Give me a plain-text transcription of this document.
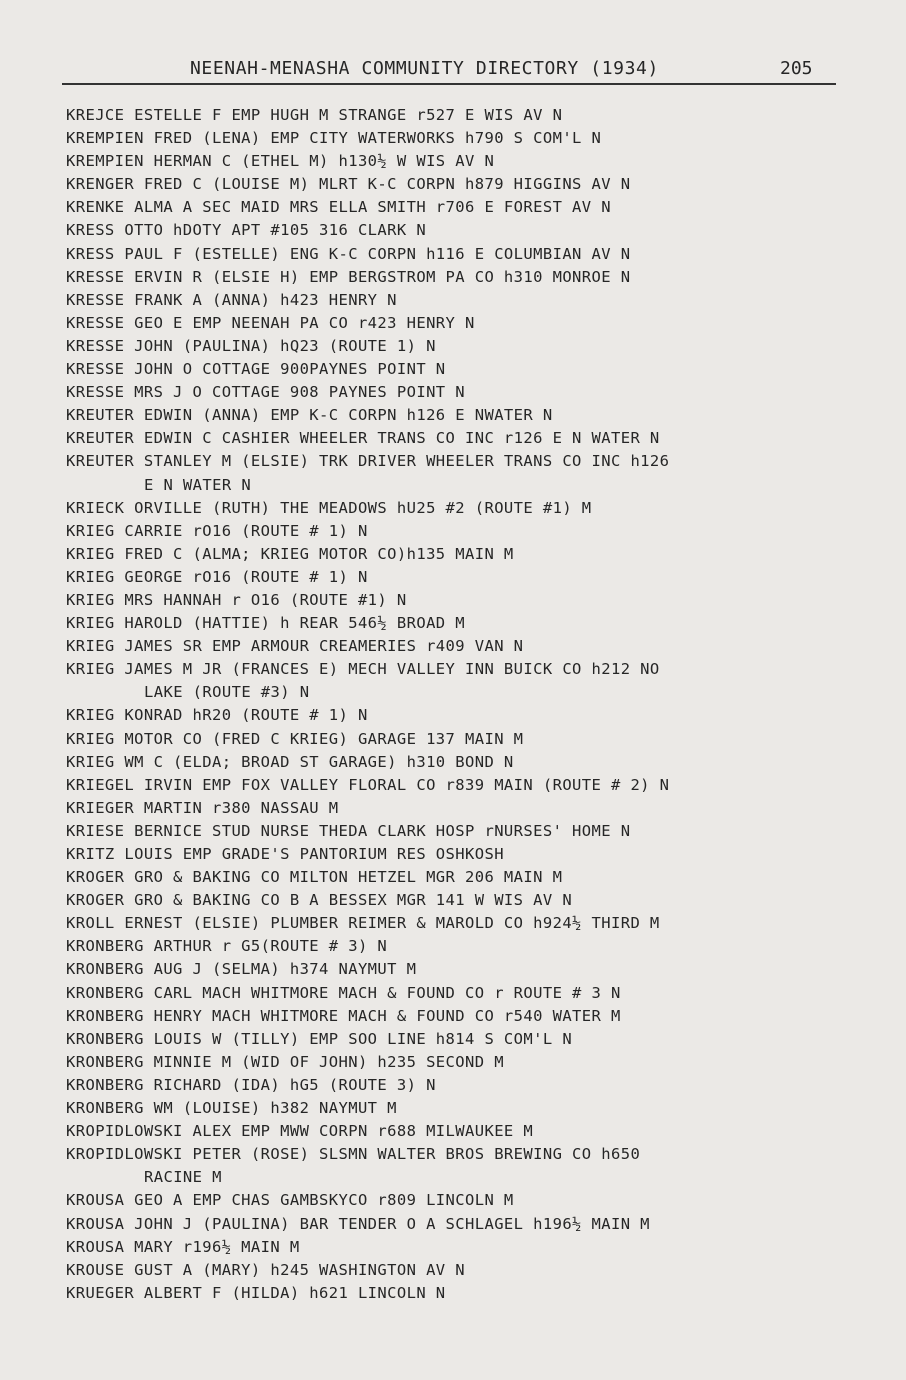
NEENAH-MENASHA COMMUNITY DIRECTORY (1934)	205
KREJCE ESTELLE F EMP HUGH M STRANGE r527 E WIS AV N
KREMPIEN FRED (LENA) EMP CITY WATERWORKS h790 S COM'L N
KREMPIEN HERMAN C (ETHEL M) h130½ W WIS AV N
KRENGER FRED C (LOUISE M) MLRT K-C CORPN h879 HIGGINS AV N
KRENKE ALMA A SEC MAID MRS ELLA SMITH r706 E FOREST AV N
KRESS OTTO hDOTY APT #105 316 CLARK N
KRESS PAUL F (ESTELLE) ENG K-C CORPN h116 E COLUMBIAN AV N
KRESSE ERVIN R (ELSIE H) EMP BERGSTROM PA CO h310 MONROE N
KRESSE FRANK A (ANNA) h423 HENRY N
KRESSE GEO E EMP NEENAH PA CO r423 HENRY N
KRESSE JOHN (PAULINA) hQ23 (ROUTE 1) N
KRESSE JOHN O COTTAGE 900PAYNES POINT N
KRESSE MRS J O COTTAGE 908 PAYNES POINT N
KREUTER EDWIN (ANNA) EMP K-C CORPN h126 E NWATER N
KREUTER EDWIN C CASHIER WHEELER TRANS CO INC r126 E N WATER N
KREUTER STANLEY M (ELSIE) TRK DRIVER WHEELER TRANS CO INC h126
E N WATER N
KRIECK ORVILLE (RUTH) THE MEADOWS hU25 #2 (ROUTE #1) M
KRIEG CARRIE rO16 (ROUTE # 1) N
KRIEG FRED C (ALMA; KRIEG MOTOR CO)h135 MAIN M
KRIEG GEORGE rO16 (ROUTE # 1) N
KRIEG MRS HANNAH r O16 (ROUTE #1) N
KRIEG HAROLD (HATTIE) h REAR 546½ BROAD M
KRIEG JAMES SR EMP ARMOUR CREAMERIES r409 VAN N
KRIEG JAMES M JR (FRANCES E) MECH VALLEY INN BUICK CO h212 NO
LAKE (ROUTE #3) N
KRIEG KONRAD hR20 (ROUTE # 1) N
KRIEG MOTOR CO (FRED C KRIEG) GARAGE 137 MAIN M
KRIEG WM C (ELDA; BROAD ST GARAGE) h310 BOND N
KRIEGEL IRVIN EMP FOX VALLEY FLORAL CO r839 MAIN (ROUTE # 2) N
KRIEGER MARTIN r380 NASSAU M
KRIESE BERNICE STUD NURSE THEDA CLARK HOSP rNURSES' HOME N
KRITZ LOUIS EMP GRADE'S PANTORIUM RES OSHKOSH
KROGER GRO & BAKING CO MILTON HETZEL MGR 206 MAIN M
KROGER GRO & BAKING CO B A BESSEX MGR 141 W WIS AV N
KROLL ERNEST (ELSIE) PLUMBER REIMER & MAROLD CO h924½ THIRD M
KRONBERG ARTHUR r G5(ROUTE # 3) N
KRONBERG AUG J (SELMA) h374 NAYMUT M
KRONBERG CARL MACH WHITMORE MACH & FOUND CO r ROUTE # 3 N
KRONBERG HENRY MACH WHITMORE MACH & FOUND CO r540 WATER M
KRONBERG LOUIS W (TILLY) EMP SOO LINE h814 S COM'L N
KRONBERG MINNIE M (WID OF JOHN) h235 SECOND M
KRONBERG RICHARD (IDA) hG5 (ROUTE 3) N
KRONBERG WM (LOUISE) h382 NAYMUT M
KROPIDLOWSKI ALEX EMP MWW CORPN r688 MILWAUKEE M
KROPIDLOWSKI PETER (ROSE) SLSMN WALTER BROS BREWING CO h650
RACINE M
KROUSA GEO A EMP CHAS GAMBSKYCO r809 LINCOLN M
KROUSA JOHN J (PAULINA) BAR TENDER O A SCHLAGEL h196½ MAIN M
KROUSA MARY r196½ MAIN M
KROUSE GUST A (MARY) h245 WASHINGTON AV N
KRUEGER ALBERT F (HILDA) h621 LINCOLN N
